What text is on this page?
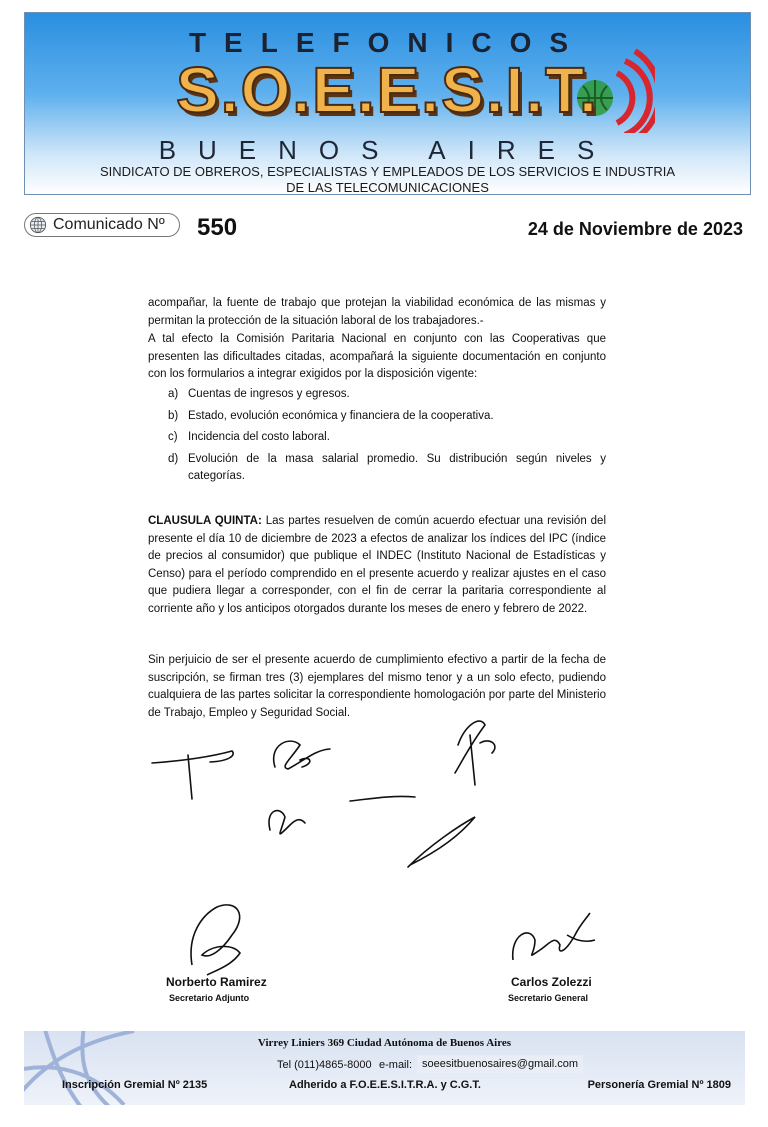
TELEFONICOS
S.O.E.E.S.I.T.
BUENOS AIRES
SINDICATO DE OBREROS, ESPECIALISTAS Y EMPLEADOS DE LOS SERVICIOS E INDUSTRIA
DE LAS TELECOMUNICACIONES
Comunicado Nº 550	24 de Noviembre de 2023
acompañar, la fuente de trabajo que protejan la viabilidad económica de las mismas y permitan la protección de la situación laboral de los trabajadores.-
A tal efecto la Comisión Paritaria Nacional en conjunto con las Cooperativas que presenten las dificultades citadas, acompañará la siguiente documentación en conjunto con los formularios a integrar exigidos por la disposición vigente:
a) Cuentas de ingresos y egresos.
b) Estado, evolución económica y financiera de la cooperativa.
c) Incidencia del costo laboral.
d) Evolución de la masa salarial promedio. Su distribución según niveles y categorías.
CLAUSULA QUINTA: Las partes resuelven de común acuerdo efectuar una revisión del presente el día 10 de diciembre de 2023 a efectos de analizar los índices del IPC (índice de precios al consumidor) que publique el INDEC (Instituto Nacional de Estadísticas y Censo) para el período comprendido en el presente acuerdo y realizar ajustes en el caso que pudiera llegar a corresponder, con el fin de cerrar la paritaria correspondiente al corriente año y los anticipos otorgados durante los meses de enero y febrero de 2022.
Sin perjuicio de ser el presente acuerdo de cumplimiento efectivo a partir de la fecha de suscripción, se firman tres (3) ejemplares del mismo tenor y a un solo efecto, pudiendo cualquiera de las partes solicitar la correspondiente homologación por parte del Ministerio de Trabajo, Empleo y Seguridad Social.
Norberto Ramirez
Secretario Adjunto
Carlos Zolezzi
Secretario General
Virrey Liniers 369 Ciudad Autónoma de Buenos Aires
Tel (011)4865-8000 e-mail: soeesitbuenosaires@gmail.com
Inscripción Gremial Nº 2135	Adherido a F.O.E.E.S.I.T.R.A. y C.G.T.	Personería Gremial Nº 1809
